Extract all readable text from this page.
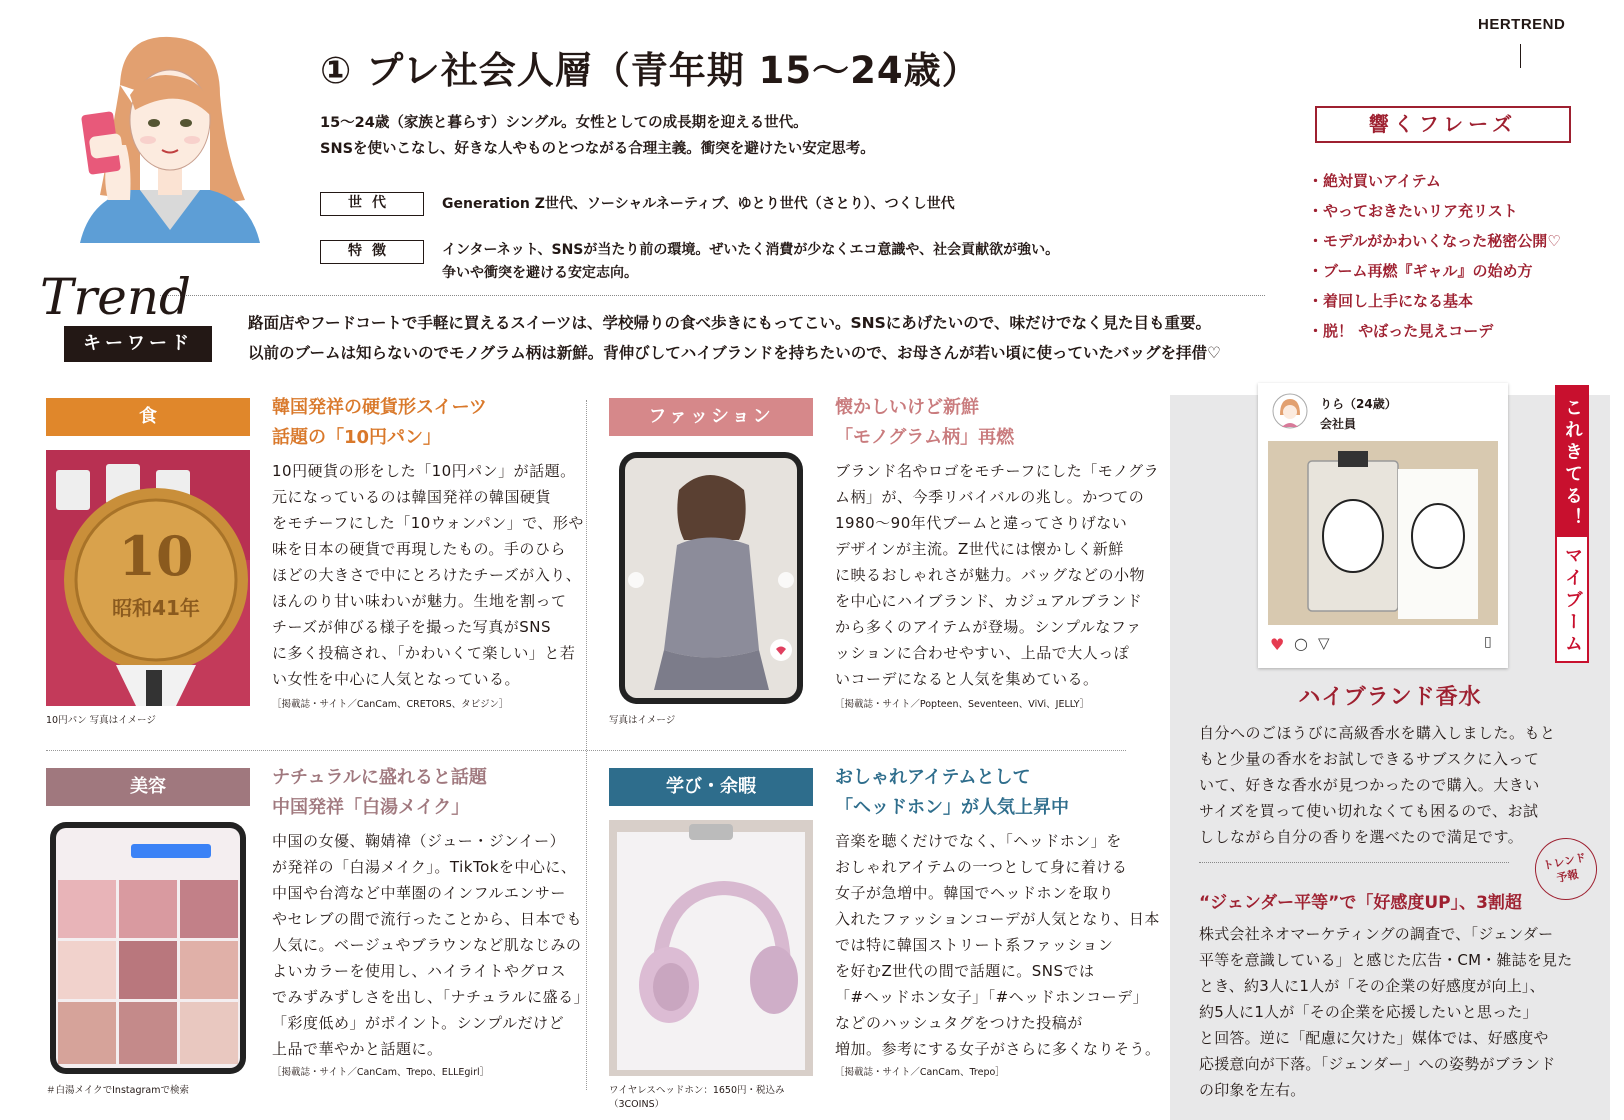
HERTREND
① プレ社会人層（青年期 15〜24歳）
15〜24歳（家族と暮らす）シングル。女性としての成長期を迎える世代。
SNSを使いこなし、好きな人やものとつながる合理主義。衝突を避けたい安定思考。
世代	Generation Z世代、ソーシャルネーティブ、ゆとり世代（さとり）、つくし世代
特徴	インターネット、SNSが当たり前の環境。ぜいたく消費が少なくエコ意識や、社会貢献欲が強い。
争いや衝突を避ける安定志向。
響くフレーズ
・絶対買いアイテム
・やっておきたいリア充リスト
・モデルがかわいくなった秘密公開♡
・ブーム再燃『ギャル』の始め方
・着回し上手になる基本
・脱！ やぼった見えコーデ
Trend
キーワード
路面店やフードコートで手軽に買えるスイーツは、学校帰りの食べ歩きにもってこい。SNSにあげたいので、味だけでなく見た目も重要。
以前のブームは知らないのでモノグラム柄は新鮮。背伸びしてハイブランドを持ちたいので、お母さんが若い頃に使っていたバッグを拝借♡
食	韓国発祥の硬貨形スイーツ
話題の「10円パン」
10
昭和41年
10円パン 写真はイメージ
10円硬貨の形をした「10円パン」が話題。
元になっているのは韓国発祥の韓国硬貨
をモチーフにした「10ウォンパン」で、形や
味を日本の硬貨で再現したもの。手のひら
ほどの大きさで中にとろけたチーズが入り、
ほんのり甘い味わいが魅力。生地を割って
チーズが伸びる様子を撮った写真がSNS
に多く投稿され、「かわいくて楽しい」と若
い女性を中心に人気となっている。
［掲載誌・サイト／CanCam、CRETORS、タビジン］
ファッション	懐かしいけど新鮮
「モノグラム柄」再燃
写真はイメージ
ブランド名やロゴをモチーフにした「モノグラ
ム柄」が、今季リバイバルの兆し。かつての
1980〜90年代ブームと違ってさりげない
デザインが主流。Z世代には懐かしく新鮮
に映るおしゃれさが魅力。バッグなどの小物
を中心にハイブランド、カジュアルブランド
から多くのアイテムが登場。シンプルなファ
ッションに合わせやすい、上品で大人っぽ
いコーデになると人気を集めている。
［掲載誌・サイト／Popteen、Seventeen、ViVi、JELLY］
美容	ナチュラルに盛れると話題
中国発祥「白湯メイク」
＃白湯メイクでInstagramで検索
中国の女優、鞠婧禕（ジュー・ジンイー）
が発祥の「白湯メイク」。TikTokを中心に、
中国や台湾など中華圏のインフルエンサー
やセレブの間で流行ったことから、日本でも
人気に。ベージュやブラウンなど肌なじみの
よいカラーを使用し、ハイライトやグロス
でみずみずしさを出し、「ナチュラルに盛る」
「彩度低め」がポイント。シンプルだけど
上品で華やかと話題に。
［掲載誌・サイト／CanCam、Trepo、ELLEgirl］
学び・余暇	おしゃれアイテムとして
「ヘッドホン」が人気上昇中
ワイヤレスヘッドホン：1650円・税込み
（3COINS）
音楽を聴くだけでなく、「ヘッドホン」を
おしゃれアイテムの一つとして身に着ける
女子が急増中。韓国でヘッドホンを取り
入れたファッションコーデが人気となり、日本
では特に韓国ストリート系ファッション
を好むZ世代の間で話題に。SNSでは
「#ヘッドホン女子」「#ヘッドホンコーデ」
などのハッシュタグをつけた投稿が
増加。参考にする女子がさらに多くなりそう。
［掲載誌・サイト／CanCam、Trepo］
りら（24歳）
会社員
♥ ○ ▽	▯
これきてる！
マイブーム
ハイブランド香水
自分へのごほうびに高級香水を購入しました。もと
もと少量の香水をお試しできるサブスクに入って
いて、好きな香水が見つかったので購入。大きい
サイズを買って使い切れなくても困るので、お試
ししながら自分の香りを選べたので満足です。
トレンド
予報
“ジェンダー平等”で「好感度UP」、3割超
株式会社ネオマーケティングの調査で、「ジェンダー
平等を意識している」と感じた広告・CM・雑誌を見た
とき、約3人に1人が「その企業の好感度が向上」、
約5人に1人が「その企業を応援したいと思った」
と回答。逆に「配慮に欠けた」媒体では、好感度や
応援意向が下落。「ジェンダー」への姿勢がブランド
の印象を左右。
